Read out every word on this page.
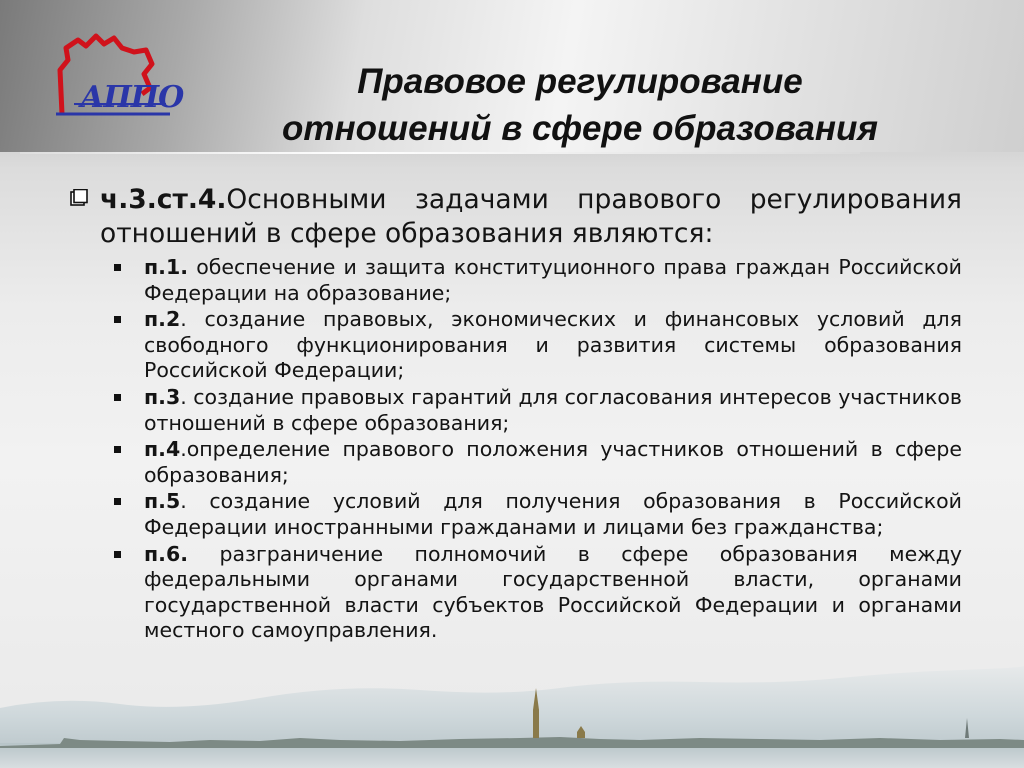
АППО	Правовое регулирование
отношений в сфере образования
ч.3.ст.4.Основными задачами правового регулирования отношений в сфере образования являются:
п.1. обеспечение и защита конституционного права граждан Российской Федерации на образование;
п.2. создание правовых, экономических и финансовых условий для свободного функционирования и развития системы образования Российской Федерации;
п.3. создание правовых гарантий для согласования интересов участников отношений в сфере образования;
п.4.определение правового положения участников отношений в сфере образования;
п.5. создание условий для получения образования в Российской Федерации иностранными гражданами и лицами без гражданства;
п.6. разграничение полномочий в сфере образования между федеральными органами государственной власти, органами государственной власти субъектов Российской Федерации и органами местного самоуправления.
